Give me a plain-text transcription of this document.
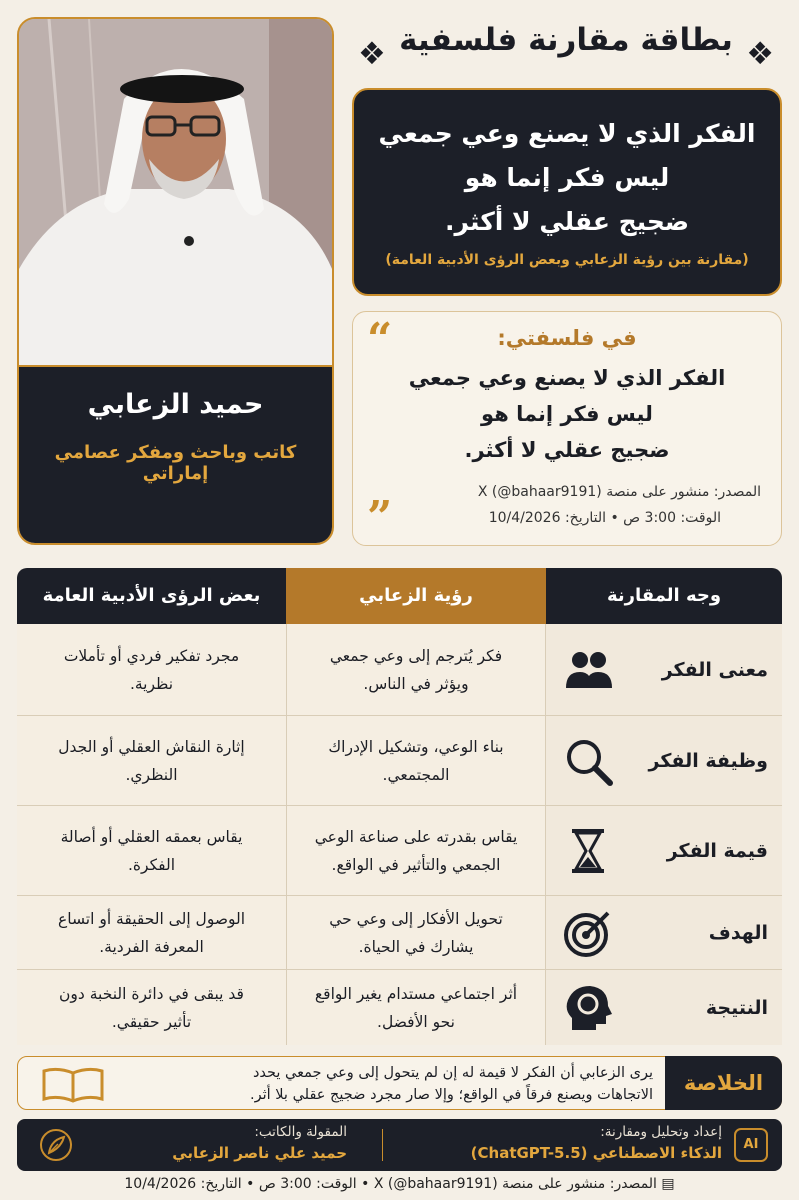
حميد الزعابي
كاتب وباحث ومفكر عصامي إماراتي
❖
بطاقة مقارنة فلسفية
❖
الفكر الذي لا يصنع وعي جمعي
ليس فكر إنما هو
ضجيج عقلي لا أكثر.
(مقارنة بين رؤية الزعابي وبعض الرؤى الأدبية العامة)
“	في فلسفتي:
الفكر الذي لا يصنع وعي جمعي
ليس فكر إنما هو
ضجيج عقلي لا أكثر.
المصدر: منشور على منصة X (@bahaar9191)
الوقت: 3:00 ص • التاريخ: 10/4/2026
”
وجه المقارنة
رؤية الزعابي
بعض الرؤى الأدبية العامة
معنى الفكر
فكر يُترجم إلى وعي جمعي
ويؤثر في الناس.
مجرد تفكير فردي أو تأملات
نظرية.
وظيفة الفكر
بناء الوعي، وتشكيل الإدراك
المجتمعي.
إثارة النقاش العقلي أو الجدل
النظري.
قيمة الفكر
يقاس بقدرته على صناعة الوعي
الجمعي والتأثير في الواقع.
يقاس بعمقه العقلي أو أصالة
الفكرة.
الهدف
تحويل الأفكار إلى وعي حي
يشارك في الحياة.
الوصول إلى الحقيقة أو اتساع
المعرفة الفردية.
النتيجة
أثر اجتماعي مستدام يغير الواقع
نحو الأفضل.
قد يبقى في دائرة النخبة دون
تأثير حقيقي.
الخلاصة
يرى الزعابي أن الفكر لا قيمة له إن لم يتحول إلى وعي جمعي يحدد
الاتجاهات ويصنع فرقاً في الواقع؛ وإلا صار مجرد ضجيج عقلي بلا أثر.
AI
إعداد وتحليل ومقارنة:
الذكاء الاصطناعي (ChatGPT-5.5)
المقولة والكاتب:
حميد علي ناصر الزعابي
▤ المصدر: منشور على منصة X (@bahaar9191) • الوقت: 3:00 ص • التاريخ: 10/4/2026
